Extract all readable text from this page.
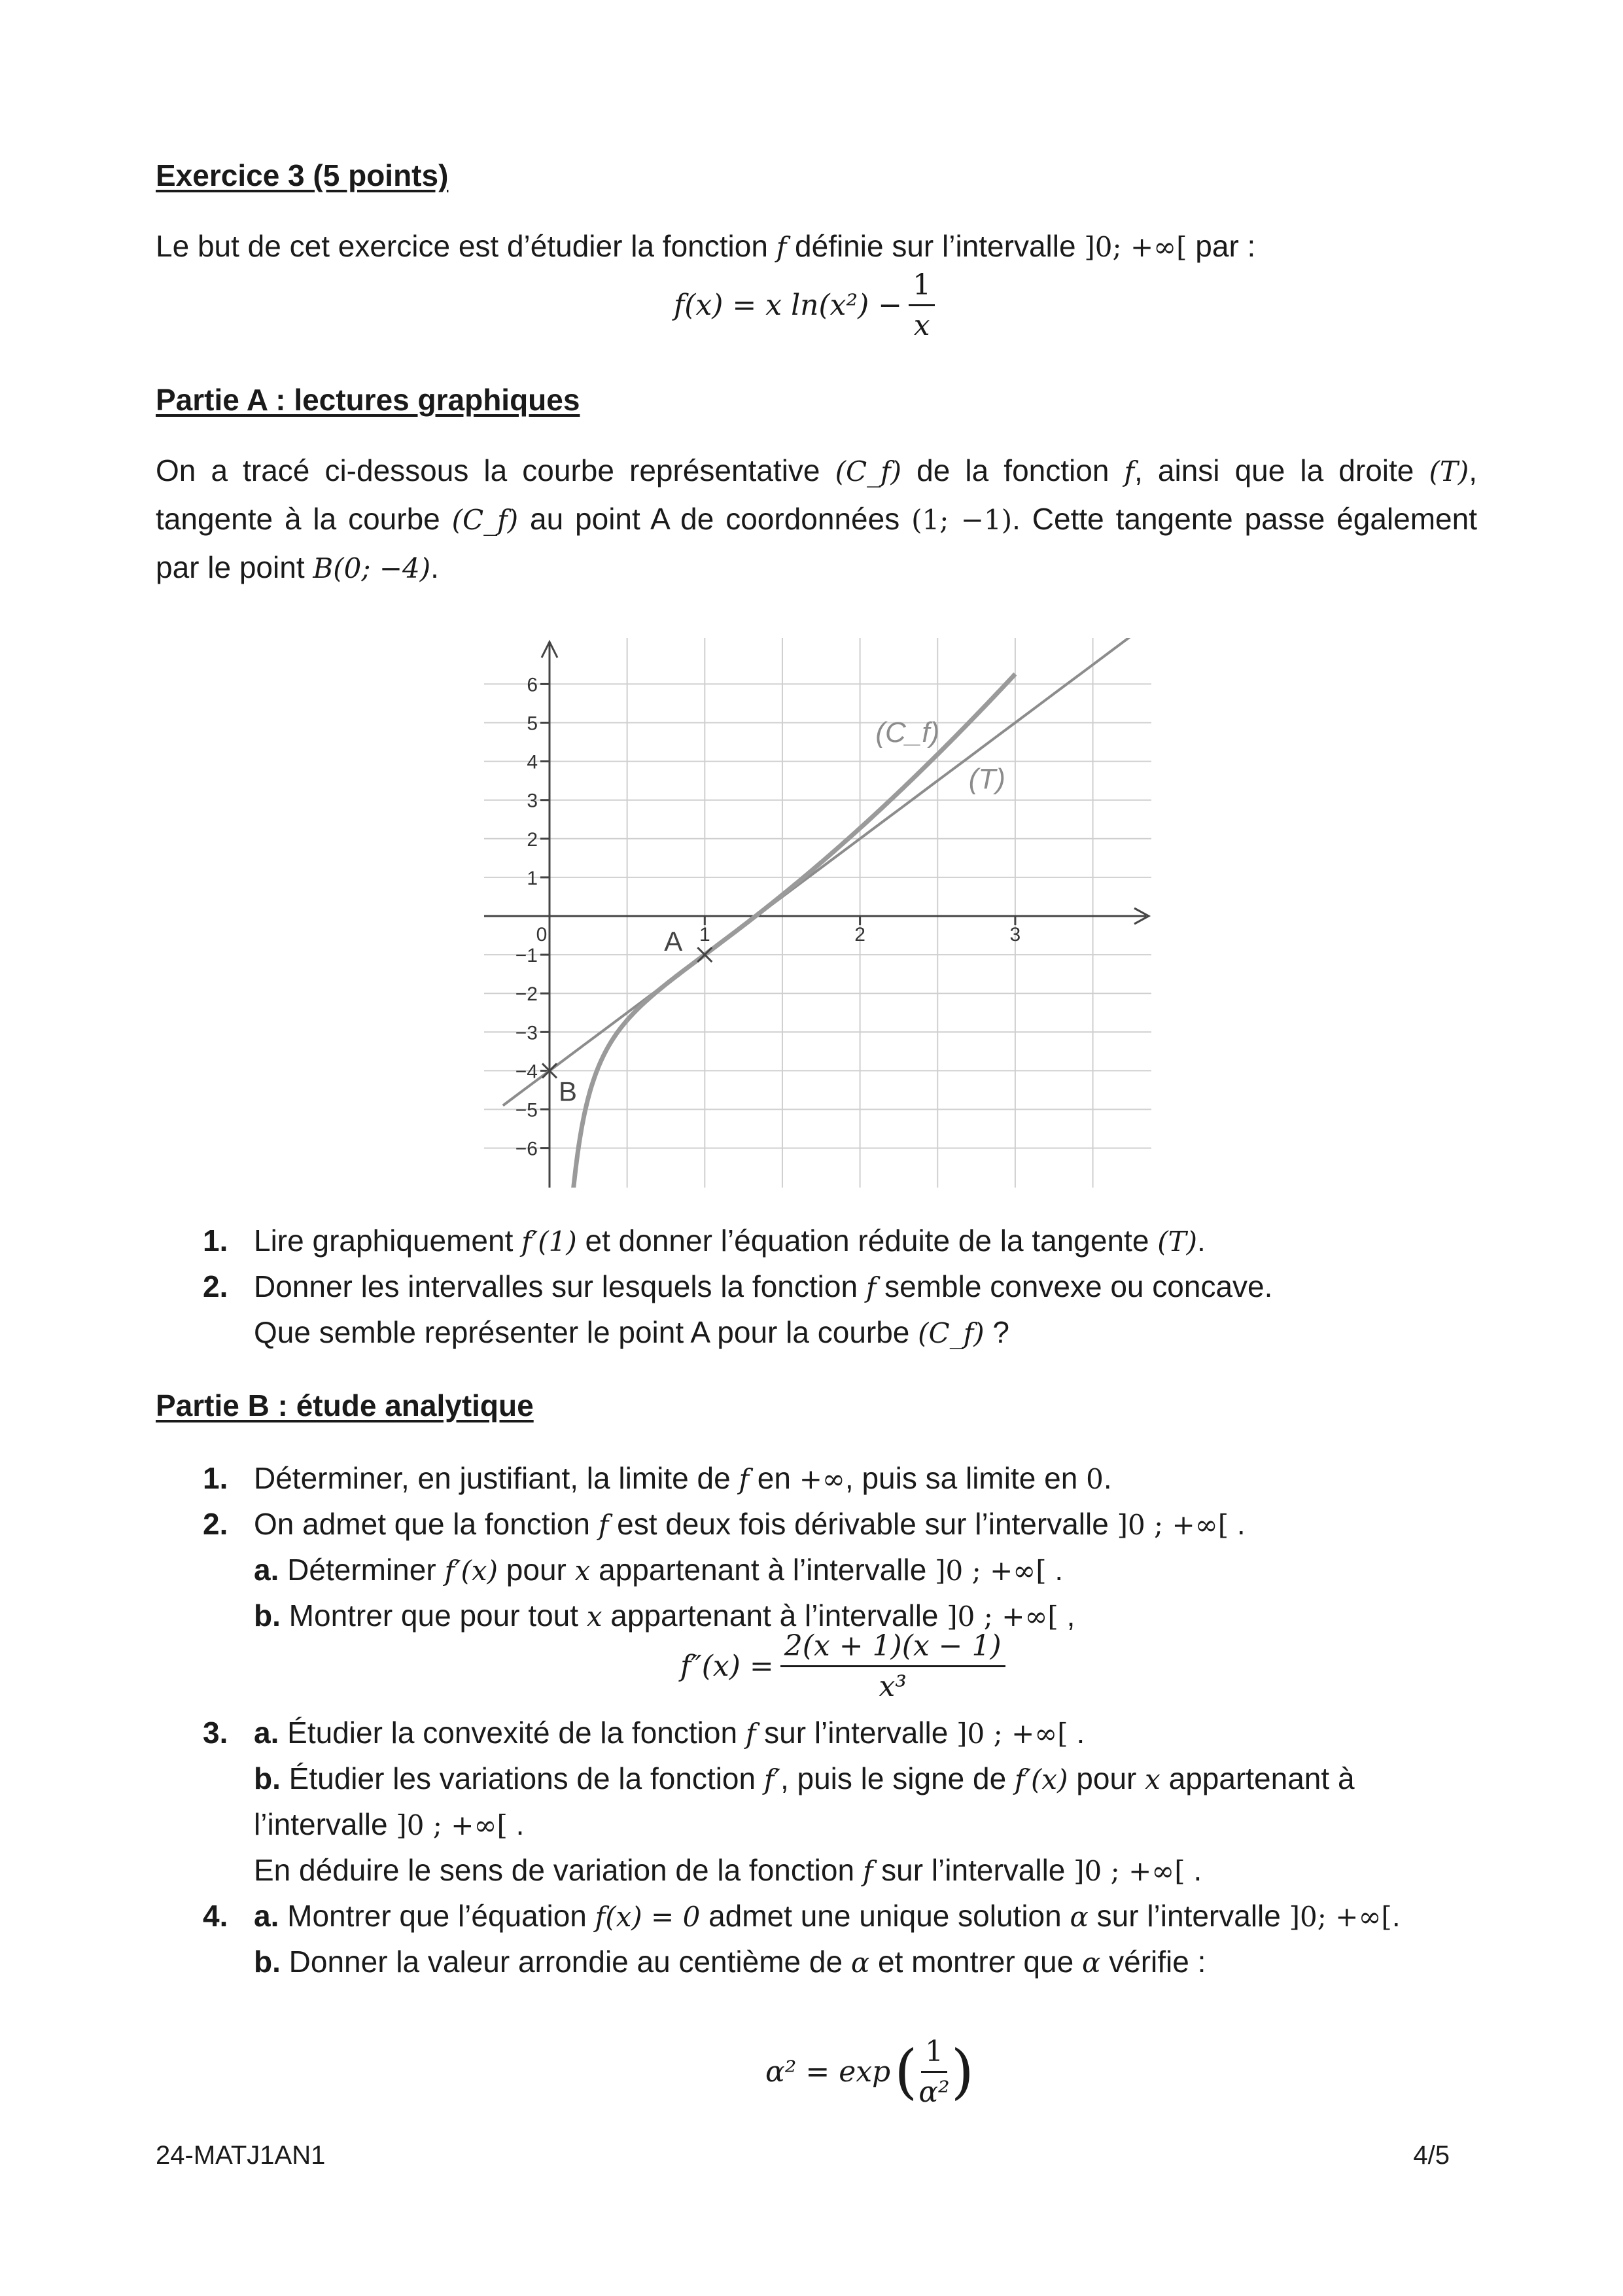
Exercice 3 (5 points)
Le but de cet exercice est d’étudier la fonction f définie sur l’intervalle ]0; +∞[ par :
f(x) = x $\ln(x^2) - \frac{1}{x}$
Partie A : lectures graphiques
On a tracé ci-dessous la courbe représentative (C_f) de la fonction f, ainsi que la droite (T), tangente à la courbe (C_f) au point A de coordonnées (1; −1). Cette tangente passe également par le point B(0; −4).
6
5
4
3
2
1
−1
−2
−3
−4
−5
−6
0	1	2	3
A
B
(C_f)
(T)
1. Lire graphiquement f′(1) et donner l’équation réduite de la tangente (T).
2. Donner les intervalles sur lesquels la fonction f semble convexe ou concave.
Que semble représenter le point A pour la courbe (C_f) ?
Partie B : étude analytique
1. Déterminer, en justifiant, la limite de f en +∞, puis sa limite en 0.
2. On admet que la fonction f est deux fois dérivable sur l’intervalle ]0 ; +∞[ .
a. Déterminer f′(x) pour x appartenant à l’intervalle ]0 ; +∞[ .
b. Montrer que pour tout x appartenant à l’intervalle ]0 ; +∞[ ,
$f''(x) = \frac{2(x + 1)(x - 1)}{\text{x³}}$
3. a. Étudier la convexité de la fonction f sur l’intervalle ]0 ; +∞[ .
b. Étudier les variations de la fonction f′, puis le signe de f′(x) pour x appartenant à l’intervalle ]0 ; +∞[ .
En déduire le sens de variation de la fonction f sur l’intervalle ]0 ; +∞[ .
4. a. Montrer que l’équation f(x) = 0 admet une unique solution α sur l’intervalle ]0; +∞[.
b. Donner la valeur arrondie au centième de α et montrer que α vérifie :
α² = exp ( $\frac{1}{\text{α²}}$ )
24-MATJ1AN1	4/5
